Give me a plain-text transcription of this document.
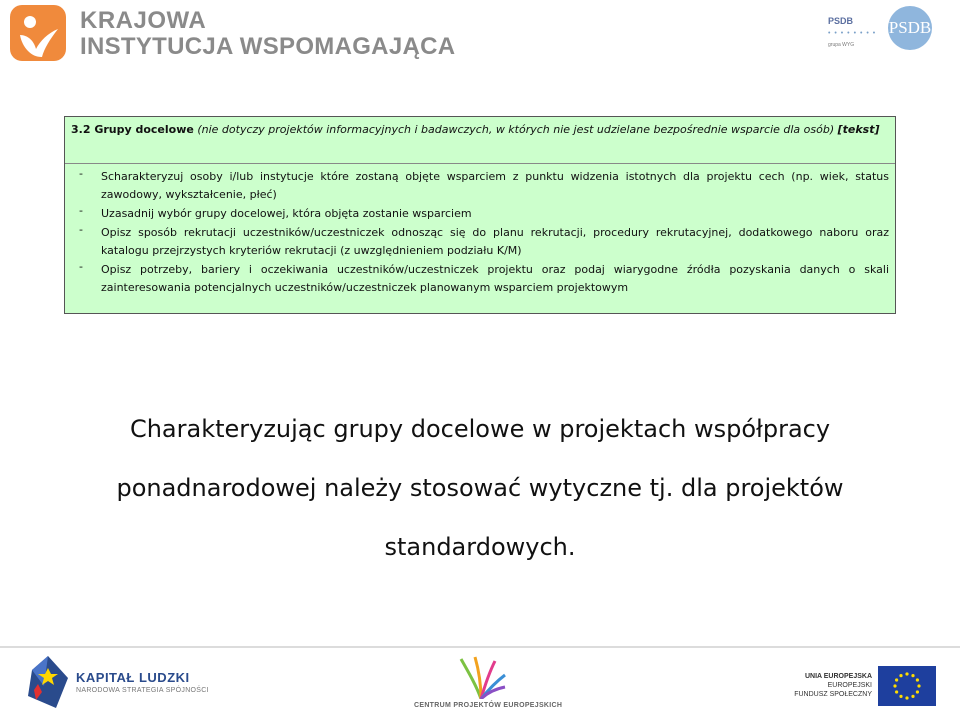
KRAJOWA
INSTYTUCJA WSPOMAGAJĄCA
PSDB
• • • • • • • •
grupa WYG
PSDB
3.2 Grupy docelowe (nie dotyczy projektów informacyjnych i badawczych, w których nie jest udzielane bezpośrednie wsparcie dla osób) [tekst]
- Scharakteryzuj osoby i/lub instytucje które zostaną objęte wsparciem z punktu widzenia istotnych dla projektu cech (np. wiek, status zawodowy, wykształcenie, płeć)
- Uzasadnij wybór grupy docelowej, która objęta zostanie wsparciem
- Opisz sposób rekrutacji uczestników/uczestniczek odnosząc się do planu rekrutacji, procedury rekrutacyjnej, dodatkowego naboru oraz katalogu przejrzystych kryteriów rekrutacji (z uwzględnieniem podziału K/M)
- Opisz potrzeby, bariery i oczekiwania uczestników/uczestniczek projektu oraz podaj wiarygodne źródła pozyskania danych o skali zainteresowania potencjalnych uczestników/uczestniczek planowanym wsparciem projektowym
Charakteryzując grupy docelowe w projektach współpracy ponadnarodowej należy stosować wytyczne tj. dla projektów standardowych.
KAPITAŁ LUDZKI
NARODOWA STRATEGIA SPÓJNOŚCI
CENTRUM PROJEKTÓW EUROPEJSKICH
UNIA EUROPEJSKA
EUROPEJSKI
FUNDUSZ SPOŁECZNY
